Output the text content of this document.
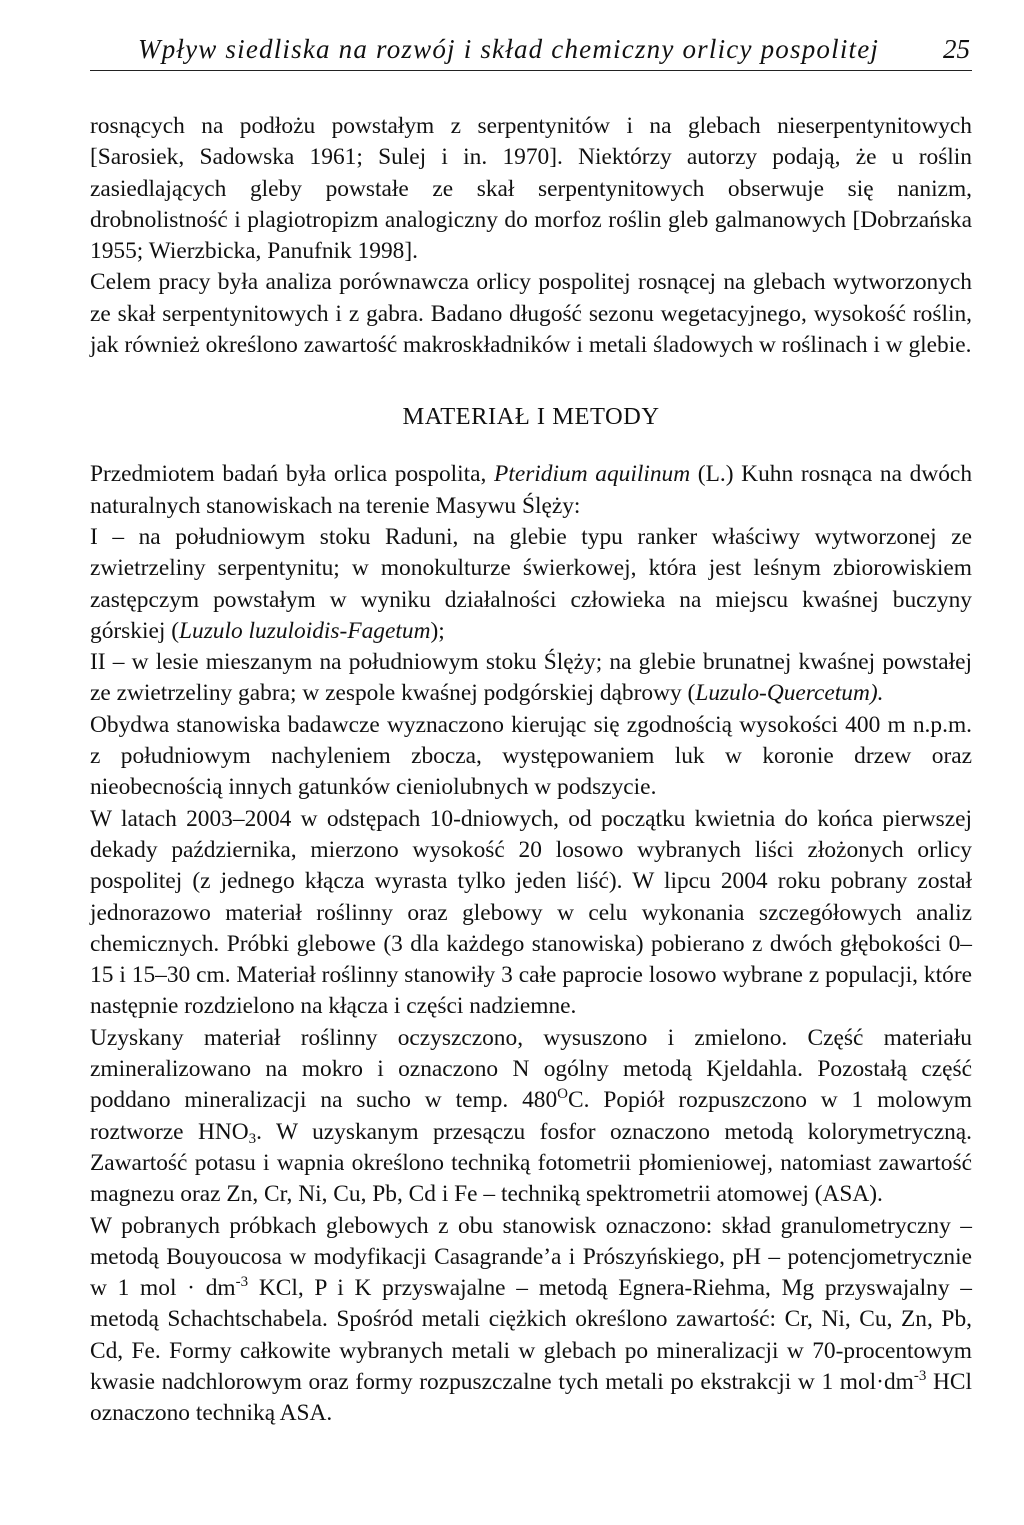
Wpływ siedliska na rozwój i skład chemiczny orlicy pospolitej 25

rosnących na podłożu powstałym z serpentynitów i na glebach nieserpentynitowych [Sarosiek, Sadowska 1961; Sulej i in. 1970]. Niektórzy autorzy podają, że u roślin zasiedlających gleby powstałe ze skał serpentynitowych obserwuje się nanizm, drobnolistność i plagiotropizm analogiczny do morfoz roślin gleb galmanowych [Dobrzańska 1955; Wierzbicka, Panufnik 1998].

Celem pracy była analiza porównawcza orlicy pospolitej rosnącej na glebach wytworzonych ze skał serpentynitowych i z gabra. Badano długość sezonu wegetacyjnego, wysokość roślin, jak również określono zawartość makroskładników i metali śladowych w roślinach i w glebie.

MATERIAŁ I METODY

Przedmiotem badań była orlica pospolita, Pteridium aquilinum (L.) Kuhn rosnąca na dwóch naturalnych stanowiskach na terenie Masywu Ślęży:

I – na południowym stoku Raduni, na glebie typu ranker właściwy wytworzonej ze zwietrzeliny serpentynitu; w monokulturze świerkowej, która jest leśnym zbiorowiskiem zastępczym powstałym w wyniku działalności człowieka na miejscu kwaśnej buczyny górskiej (Luzulo luzuloidis-Fagetum);

II – w lesie mieszanym na południowym stoku Ślęży; na glebie brunatnej kwaśnej powstałej ze zwietrzeliny gabra; w zespole kwaśnej podgórskiej dąbrowy (Luzulo-Quercetum).

Obydwa stanowiska badawcze wyznaczono kierując się zgodnością wysokości 400 m n.p.m. z południowym nachyleniem zbocza, występowaniem luk w koronie drzew oraz nieobecnością innych gatunków cieniolubnych w podszycie.

W latach 2003–2004 w odstępach 10-dniowych, od początku kwietnia do końca pierwszej dekady października, mierzono wysokość 20 losowo wybranych liści złożonych orlicy pospolitej (z jednego kłącza wyrasta tylko jeden liść). W lipcu 2004 roku pobrany został jednorazowo materiał roślinny oraz glebowy w celu wykonania szczegółowych analiz chemicznych. Próbki glebowe (3 dla każdego stanowiska) pobierano z dwóch głębokości 0–15 i 15–30 cm. Materiał roślinny stanowiły 3 całe paprocie losowo wybrane z populacji, które następnie rozdzielono na kłącza i części nadziemne.

Uzyskany materiał roślinny oczyszczono, wysuszono i zmielono. Część materiału zmineralizowano na mokro i oznaczono N ogólny metodą Kjeldahla. Pozostałą część poddano mineralizacji na sucho w temp. $480^OC$. Popiół rozpuszczono w 1 molowym roztworze $HNO_3$. W uzyskanym przesączu fosfor oznaczono metodą kolorymetryczną. Zawartość potasu i wapnia określono techniką fotometrii płomieniowej, natomiast zawartość magnezu oraz Zn, Cr, Ni, Cu, Pb, Cd i Fe – techniką spektrometrii atomowej (ASA).

W pobranych próbkach glebowych z obu stanowisk oznaczono: skład granulometryczny – metodą Bouyoucosa w modyfikacji Casagrande’a i Prószyńskiego, pH – potencjometrycznie w 1 mol · $dm^{-3}$ KCl, P i K przyswajalne – metodą Egnera-Riehma, Mg przyswajalny – metodą Schachtschabela. Spośród metali ciężkich określono zawartość: Cr, Ni, Cu, Zn, Pb, Cd, Fe. Formy całkowite wybranych metali w glebach po mineralizacji w 70-procentowym kwasie nadchlorowym oraz formy rozpuszczalne tych metali po ekstrakcji w 1 $mol\cdot dm^{-3}$ HCl oznaczono techniką ASA.
